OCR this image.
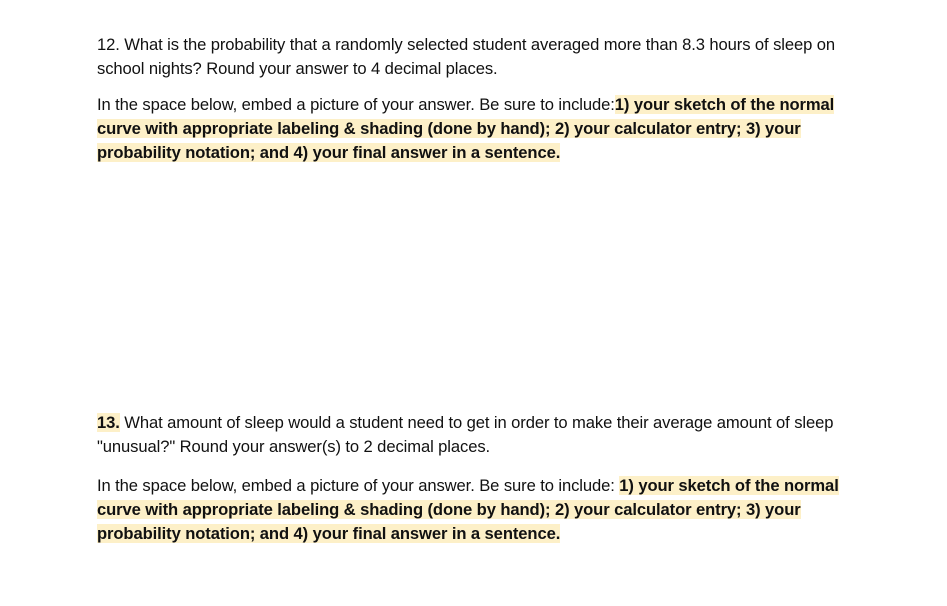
12. What is the probability that a randomly selected student averaged more than 8.3 hours of sleep on school nights? Round your answer to 4 decimal places.
In the space below, embed a picture of your answer. Be sure to include:1) your sketch of the normal curve with appropriate labeling & shading (done by hand); 2) your calculator entry; 3) your probability notation; and 4) your final answer in a sentence.
13. What amount of sleep would a student need to get in order to make their average amount of sleep "unusual?" Round your answer(s) to 2 decimal places.
In the space below, embed a picture of your answer. Be sure to include: 1) your sketch of the normal curve with appropriate labeling & shading (done by hand); 2) your calculator entry; 3) your probability notation; and 4) your final answer in a sentence.
